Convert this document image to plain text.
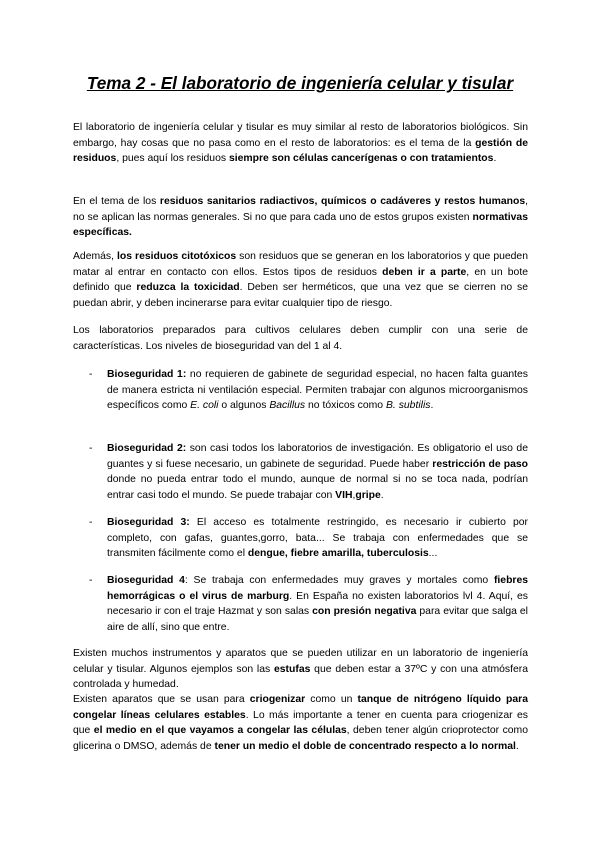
Tema 2 - El laboratorio de ingeniería celular y tisular
El laboratorio de ingeniería celular y tisular es muy similar al resto de laboratorios biológicos. Sin embargo, hay cosas que no pasa como en el resto de laboratorios: es el tema de la gestión de residuos, pues aquí los residuos siempre son células cancerígenas o con tratamientos.
En el tema de los residuos sanitarios radiactivos, químicos o cadáveres y restos humanos, no se aplican las normas generales. Si no que para cada uno de estos grupos existen normativas específicas.
Además, los residuos citotóxicos son residuos que se generan en los laboratorios y que pueden matar al entrar en contacto con ellos. Estos tipos de residuos deben ir a parte, en un bote definido que reduzca la toxicidad. Deben ser herméticos, que una vez que se cierren no se puedan abrir, y deben incinerarse para evitar cualquier tipo de riesgo.
Los laboratorios preparados para cultivos celulares deben cumplir con una serie de características. Los niveles de bioseguridad van del 1 al 4.
- Bioseguridad 1: no requieren de gabinete de seguridad especial, no hacen falta guantes de manera estricta ni ventilación especial. Permiten trabajar con algunos microorganismos específicos como E. coli o algunos Bacillus no tóxicos como B. subtilis.
- Bioseguridad 2: son casi todos los laboratorios de investigación. Es obligatorio el uso de guantes y si fuese necesario, un gabinete de seguridad. Puede haber restricción de paso donde no pueda entrar todo el mundo, aunque de normal si no se toca nada, podrían entrar casi todo el mundo. Se puede trabajar con VIH,gripe.
- Bioseguridad 3: El acceso es totalmente restringido, es necesario ir cubierto por completo, con gafas, guantes,gorro, bata... Se trabaja con enfermedades que se transmiten fácilmente como el dengue, fiebre amarilla, tuberculosis...
- Bioseguridad 4: Se trabaja con enfermedades muy graves y mortales como fiebres hemorrágicas o el virus de marburg. En España no existen laboratorios lvl 4. Aquí, es necesario ir con el traje Hazmat y son salas con presión negativa para evitar que salga el aire de allí, sino que entre.
Existen muchos instrumentos y aparatos que se pueden utilizar en un laboratorio de ingeniería celular y tisular. Algunos ejemplos son las estufas que deben estar a 37ºC y con una atmósfera controlada y humedad.
Existen aparatos que se usan para criogenizar como un tanque de nitrógeno líquido para congelar líneas celulares estables. Lo más importante a tener en cuenta para criogenizar es que el medio en el que vayamos a congelar las células, deben tener algún crioprotector como glicerina o DMSO, además de tener un medio el doble de concentrado respecto a lo normal.
